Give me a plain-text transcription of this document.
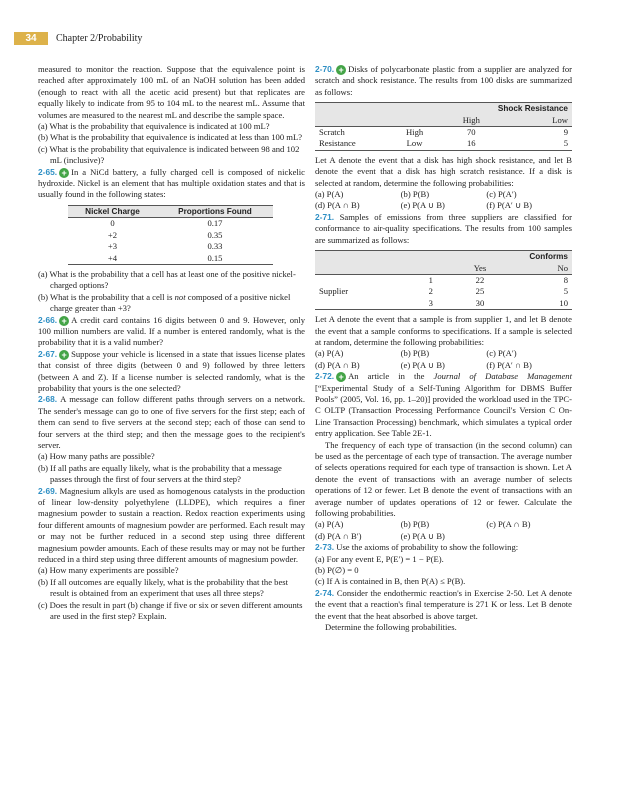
34	Chapter 2/Probability

measured to monitor the reaction. Suppose that the equivalence point is reached after approximately 100 mL of an NaOH solution has been added (enough to react with all the acetic acid present) but that replicates are equally likely to indicate from 95 to 104 mL to the nearest mL. Assume that volumes are measured to the nearest mL and describe the sample space.

(a) What is the probability that equivalence is indicated at 100 mL?

(b) What is the probability that equivalence is indicated at less than 100 mL?

(c) What is the probability that equivalence is indicated between 98 and 102 mL (inclusive)?

2-65. + In a NiCd battery, a fully charged cell is composed of nickelic hydroxide. Nickel is an element that has multiple oxidation states and that is usually found in the following states:

Nickel Charge	Proportions Found
0	0.17
+2	0.35
+3	0.33
+4	0.15

(a) What is the probability that a cell has at least one of the positive nickel-charged options?

(b) What is the probability that a cell is not composed of a positive nickel charge greater than +3?

2-66. + A credit card contains 16 digits between 0 and 9. However, only 100 million numbers are valid. If a number is entered randomly, what is the probability that it is a valid number?

2-67. + Suppose your vehicle is licensed in a state that issues license plates that consist of three digits (between 0 and 9) followed by three letters (between A and Z). If a license number is selected randomly, what is the probability that yours is the one selected?

2-68. A message can follow different paths through servers on a network. The sender's message can go to one of five servers for the first step; each of them can send to five servers at the second step; each of those can send to four servers at the third step; and then the message goes to the recipient's server.

(a) How many paths are possible?

(b) If all paths are equally likely, what is the probability that a message passes through the first of four servers at the third step?

2-69. Magnesium alkyls are used as homogenous catalysts in the production of linear low-density polyethylene (LLDPE), which requires a finer magnesium powder to sustain a reaction. Redox reaction experiments using four different amounts of magnesium powder are performed. Each result may or may not be further reduced in a second step using three different magnesium powder amounts. Each of these results may or may not be further reduced in a third step using three different amounts of magnesium powder.

(a) How many experiments are possible?

(b) If all outcomes are equally likely, what is the probability that the best result is obtained from an experiment that uses all three steps?

(c) Does the result in part (b) change if five or six or seven different amounts are used in the first step? Explain.

2-70. + Disks of polycarbonate plastic from a supplier are analyzed for scratch and shock resistance. The results from 100 disks are summarized as follows:

		Shock Resistance	
		High	Low
Scratch	High	70	9
Resistance	Low	16	5

Let A denote the event that a disk has high shock resistance, and let B denote the event that a disk has high scratch resistance. If a disk is selected at random, determine the following probabilities:

(a) P(A)	(b) P(B)	(c) P(A′)
(d) P(A ∩ B)	(e) P(A ∪ B)	(f) P(A′ ∪ B)

2-71. Samples of emissions from three suppliers are classified for conformance to air-quality specifications. The results from 100 samples are summarized as follows:

		Conforms	
		Yes	No
	1	22	8
Supplier	2	25	5
	3	30	10

Let A denote the event that a sample is from supplier 1, and let B denote the event that a sample conforms to specifications. If a sample is selected at random, determine the following probabilities:

(a) P(A)	(b) P(B)	(c) P(A′)
(d) P(A ∩ B)	(e) P(A ∪ B)	(f) P(A′ ∩ B)

2-72. + An article in the Journal of Database Management [“Experimental Study of a Self-Tuning Algorithm for DBMS Buffer Pools” (2005, Vol. 16, pp. 1–20)] provided the workload used in the TPC-C OLTP (Transaction Processing Performance Council's Version C On-Line Transaction Processing) benchmark, which simulates a typical order entry application. See Table 2E-1.

The frequency of each type of transaction (in the second column) can be used as the percentage of each type of transaction. The average number of selects operations required for each type of transaction is shown. Let A denote the event of transactions with an average number of selects operations of 12 or fewer. Let B denote the event of transactions with an average number of updates operations of 12 or fewer. Calculate the following probabilities.

(a) P(A)	(b) P(B)	(c) P(A ∩ B)
(d) P(A ∩ B′)	(e) P(A ∪ B)

2-73. Use the axioms of probability to show the following:

(a) For any event E, P(E′) = 1 − P(E).

(b) P(∅) = 0

(c) If A is contained in B, then P(A) ≤ P(B).

2-74. Consider the endothermic reaction's in Exercise 2-50. Let A denote the event that a reaction's final temperature is 271 K or less. Let B denote the event that the heat absorbed is above target.

Determine the following probabilities.
